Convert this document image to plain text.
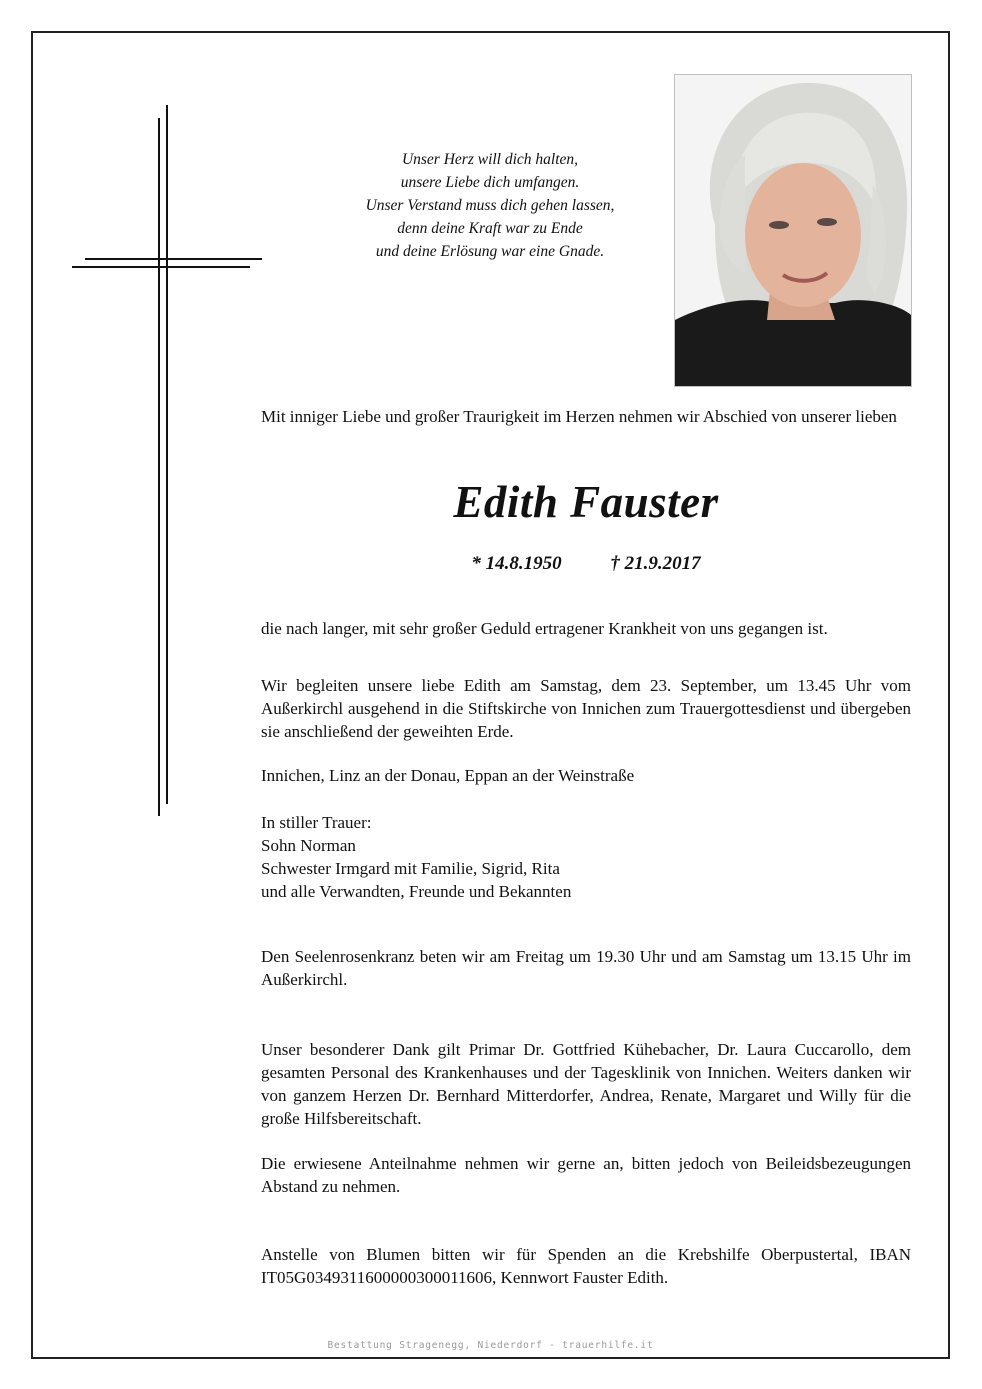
Unser Herz will dich halten,
unsere Liebe dich umfangen.
Unser Verstand muss dich gehen lassen,
denn deine Kraft war zu Ende
und deine Erlösung war eine Gnade.
Mit inniger Liebe und großer Traurigkeit im Herzen nehmen wir Abschied von unserer lieben
Edith Fauster
* 14.8.1950	† 21.9.2017
die nach langer, mit sehr großer Geduld ertragener Krankheit von uns gegangen ist.
Wir begleiten unsere liebe Edith am Samstag, dem 23. September, um 13.45 Uhr vom Außerkirchl ausgehend in die Stiftskirche von Innichen zum Trauergottesdienst und übergeben sie anschließend der geweihten Erde.
Innichen, Linz an der Donau, Eppan an der Weinstraße
In stiller Trauer:
Sohn Norman
Schwester Irmgard mit Familie, Sigrid, Rita
und alle Verwandten, Freunde und Bekannten
Den Seelenrosenkranz beten wir am Freitag um 19.30 Uhr und am Samstag um 13.15 Uhr im Außerkirchl.
Unser besonderer Dank gilt Primar Dr. Gottfried Kühebacher, Dr. Laura Cuccarollo, dem gesamten Personal des Krankenhauses und der Tagesklinik von Innichen. Weiters danken wir von ganzem Herzen Dr. Bernhard Mitterdorfer, Andrea, Renate, Margaret und Willy für die große Hilfsbereitschaft.
Die erwiesene Anteilnahme nehmen wir gerne an, bitten jedoch von Beileidsbezeugungen Abstand zu nehmen.
Anstelle von Blumen bitten wir für Spenden an die Krebshilfe Oberpustertal, IBAN IT05G0349311600000300011606, Kennwort Fauster Edith.
Bestattung Stragenegg, Niederdorf - trauerhilfe.it
